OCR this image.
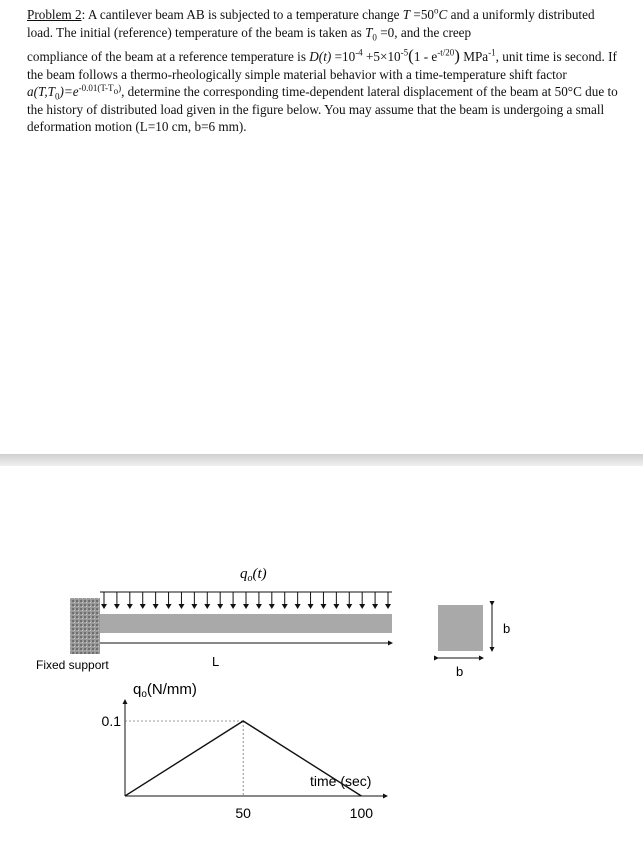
Problem 2: A cantilever beam AB is subjected to a temperature change $T =50^oC$ and a uniformly distributed load. The initial (reference) temperature of the beam is taken as $T_0 =0$, and the creep

compliance of the beam at a reference temperature is $D(t) =10^{-4} +5\times 10^{-5}(1 - e^{-t/20})$ MPa$^{-1}$, unit time is second. If the beam follows a thermo-rheologically simple material behavior with a time-temperature shift factor $a(T,T_0)=e^{-0.01(T-T_o)}$, determine the corresponding time-dependent lateral displacement of the beam at 50°C due to the history of distributed load given in the figure below. You may assume that the beam is undergoing a small deformation motion (L=10 cm, b=6 mm).

$q_o(t)$
L
Fixed support	b
b
$q_o(N/mm)$
time (sec)
50	100
0.1
